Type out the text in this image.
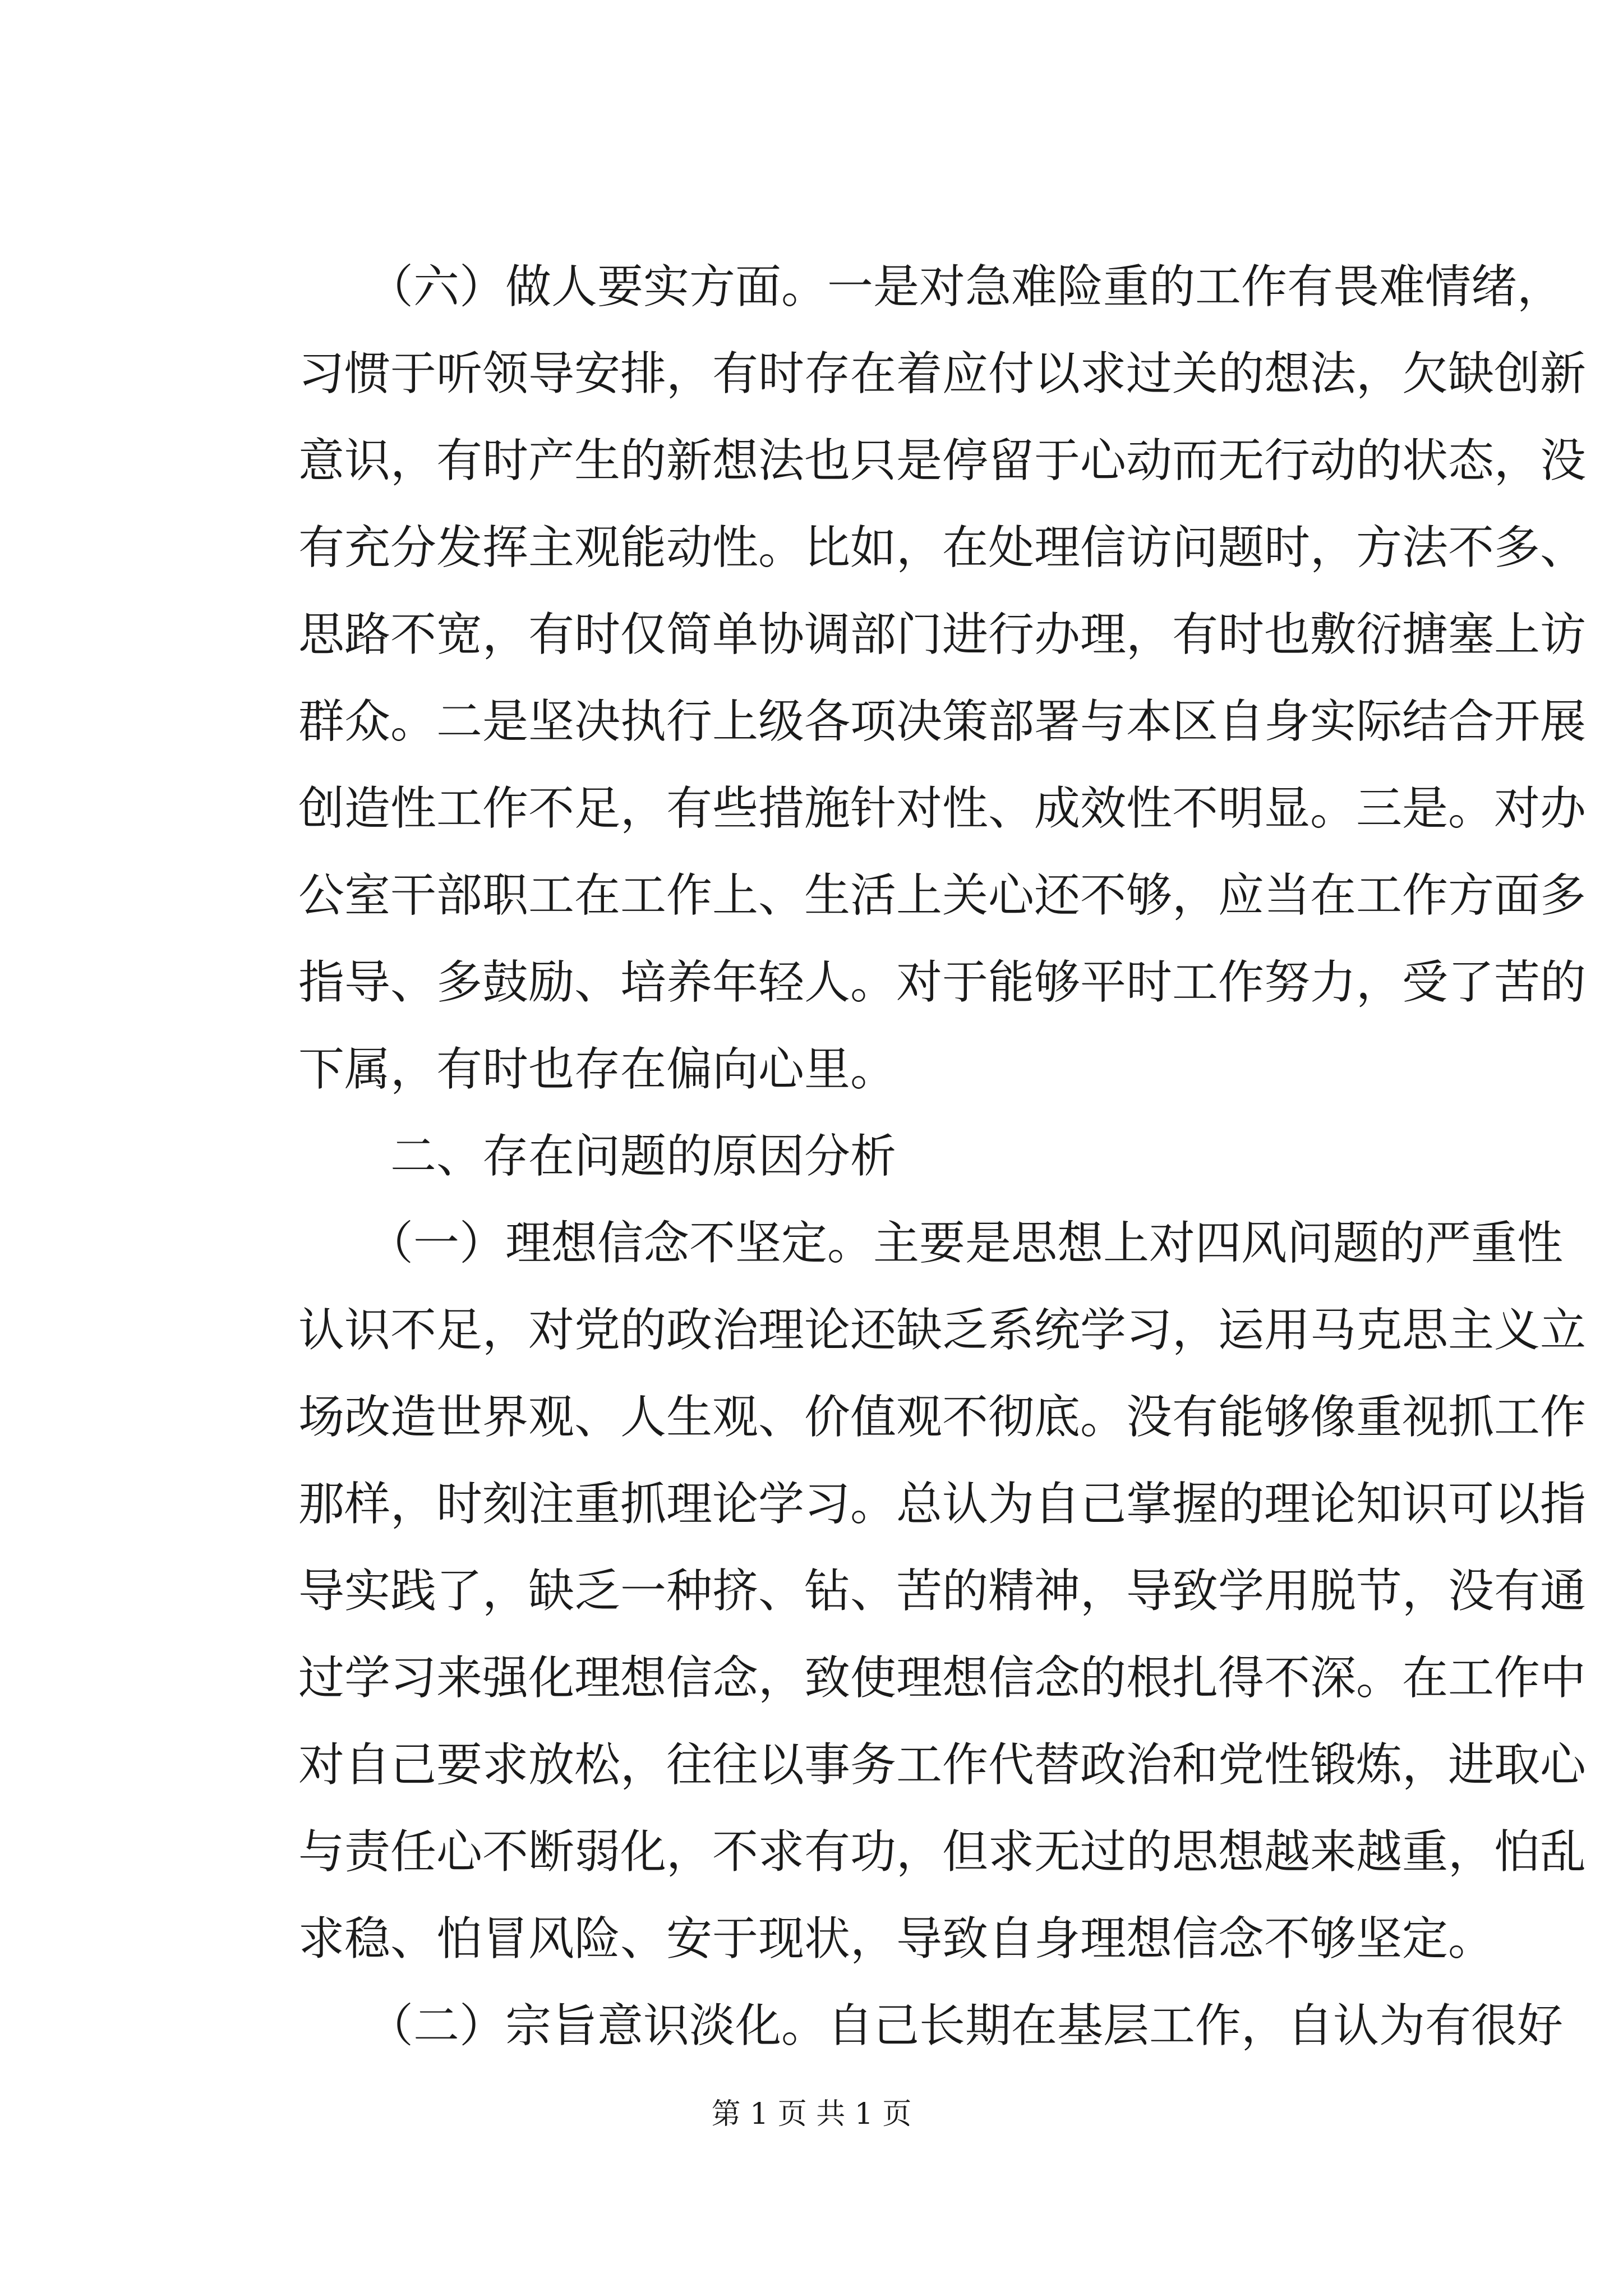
　　（六）做人要实方面。一是对急难险重的工作有畏难情绪，
习惯于听领导安排，有时存在着应付以求过关的想法，欠缺创新
意识，有时产生的新想法也只是停留于心动而无行动的状态，没
有充分发挥主观能动性。比如，在处理信访问题时，方法不多、
思路不宽，有时仅简单协调部门进行办理，有时也敷衍搪塞上访
群众。二是坚决执行上级各项决策部署与本区自身实际结合开展
创造性工作不足，有些措施针对性、成效性不明显。三是。对办
公室干部职工在工作上、生活上关心还不够，应当在工作方面多
指导、多鼓励、培养年轻人。对于能够平时工作努力，受了苦的
下属，有时也存在偏向心里。
　　二、存在问题的原因分析
　　（一）理想信念不坚定。主要是思想上对四风问题的严重性
认识不足，对党的政治理论还缺乏系统学习，运用马克思主义立
场改造世界观、人生观、价值观不彻底。没有能够像重视抓工作
那样，时刻注重抓理论学习。总认为自己掌握的理论知识可以指
导实践了，缺乏一种挤、钻、苦的精神，导致学用脱节，没有通
过学习来强化理想信念，致使理想信念的根扎得不深。在工作中
对自己要求放松，往往以事务工作代替政治和党性锻炼，进取心
与责任心不断弱化，不求有功，但求无过的思想越来越重，怕乱
求稳、怕冒风险、安于现状，导致自身理想信念不够坚定。
　　（二）宗旨意识淡化。自己长期在基层工作，自认为有很好
第 1 页 共 1 页
